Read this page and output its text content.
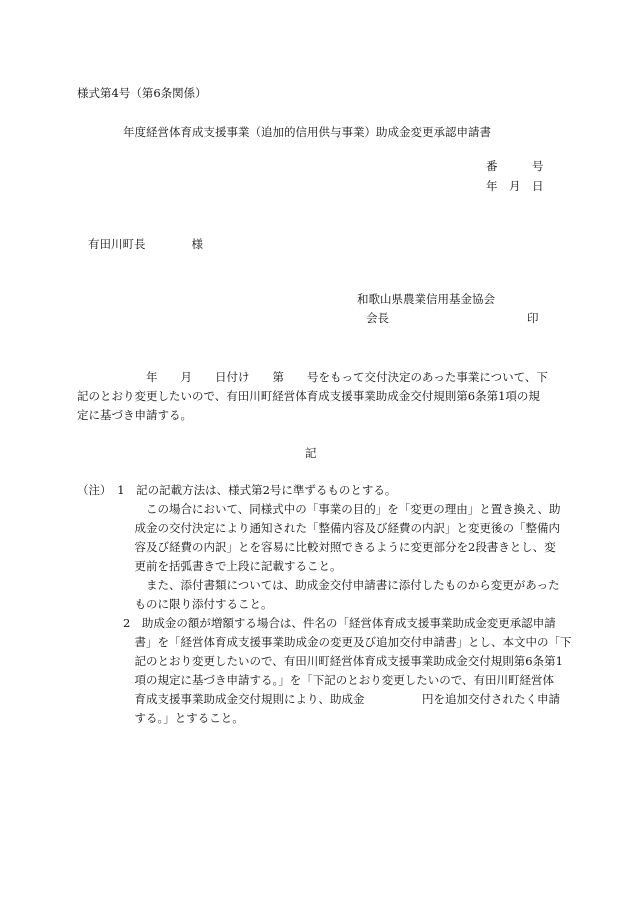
様式第4号（第6条関係）
年度経営体育成支援事業（追加的信用供与事業）助成金変更承認申請書
番　　　号
年　月　日
有田川町長　　　　様
和歌山県農業信用基金協会
会長　　　　　　　　　　　　印
　　　　　　年　　月　　日付け　　第　　号をもって交付決定のあった事業について、下
記のとおり変更したいので、有田川町経営体育成支援事業助成金交付規則第6条第1項の規
定に基づき申請する。
記
（注）　1　記の記載方法は、様式第2号に準ずるものとする。
　　　　　　この場合において、同様式中の「事業の目的」を「変更の理由」と置き換え、助
　　　　　成金の交付決定により通知された「整備内容及び経費の内訳」と変更後の「整備内
　　　　　容及び経費の内訳」とを容易に比較対照できるように変更部分を2段書きとし、変
　　　　　更前を括弧書きで上段に記載すること。
　　　　　　また、添付書類については、助成金交付申請書に添付したものから変更があった
　　　　　ものに限り添付すること。
　　　　2　助成金の額が増額する場合は、件名の「経営体育成支援事業助成金変更承認申請
　　　　　書」を「経営体育成支援事業助成金の変更及び追加交付申請書」とし、本文中の「下
　　　　　記のとおり変更したいので、有田川町経営体育成支援事業助成金交付規則第6条第1
　　　　　項の規定に基づき申請する。」を「下記のとおり変更したいので、有田川町経営体
　　　　　育成支援事業助成金交付規則により、助成金　　　　　円を追加交付されたく申請
　　　　　する。」とすること。
